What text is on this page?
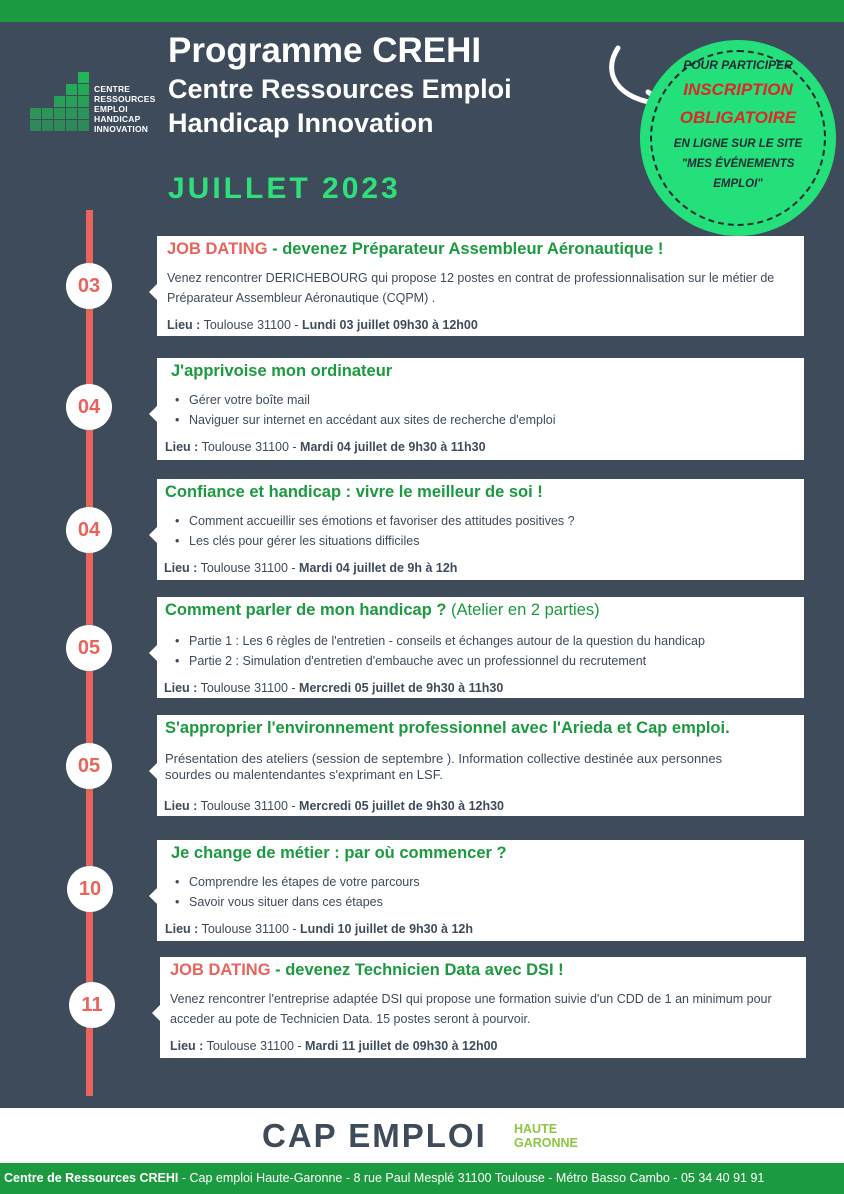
CENTRE
RESSOURCES
EMPLOI
HANDICAP
INNOVATION
Programme CREHI
Centre Ressources Emploi
Handicap Innovation
JUILLET 2023
POUR PARTICIPER
INSCRIPTION
OBLIGATOIRE
EN LIGNE SUR LE SITE
"MES ÉVÉNEMENTS
EMPLOI"
03
JOB DATING - devenez Préparateur Assembleur Aéronautique !
Venez rencontrer DERICHEBOURG qui propose 12 postes en contrat de professionnalisation sur le métier de Préparateur Assembleur Aéronautique (CQPM) .
Lieu : Toulouse 31100 - Lundi 03 juillet 09h30 à 12h00
04
J'apprivoise mon ordinateur
• Gérer votre boîte mail
• Naviguer sur internet en accédant aux sites de recherche d'emploi
Lieu : Toulouse 31100 - Mardi 04 juillet de 9h30 à 11h30
04
Confiance et handicap : vivre le meilleur de soi !
• Comment accueillir ses émotions et favoriser des attitudes positives ?
• Les clés pour gérer les situations difficiles
Lieu : Toulouse 31100 - Mardi 04 juillet de 9h à 12h
05
Comment parler de mon handicap ? (Atelier en 2 parties)
• Partie 1 : Les 6 règles de l'entretien - conseils et échanges autour de la question du handicap
• Partie 2 : Simulation d'entretien d'embauche avec un professionnel du recrutement
Lieu : Toulouse 31100 - Mercredi 05 juillet de 9h30 à 11h30
05
S'approprier l'environnement professionnel avec l'Arieda et Cap emploi.
Présentation des ateliers (session de septembre ). Information collective destinée aux personnes sourdes ou malentendantes s'exprimant en LSF.
Lieu : Toulouse 31100 - Mercredi 05 juillet de 9h30 à 12h30
10
Je change de métier : par où commencer ?
• Comprendre les étapes de votre parcours
• Savoir vous situer dans ces étapes
Lieu : Toulouse 31100 - Lundi 10 juillet de 9h30 à 12h
11
JOB DATING - devenez Technicien Data avec DSI !
Venez rencontrer l'entreprise adaptée DSI qui propose une formation suivie d'un CDD de 1 an minimum pour acceder au pote de Technicien Data. 15 postes seront à pourvoir.
Lieu : Toulouse 31100 - Mardi 11 juillet de 09h30 à 12h00
CAP EMPLOI HAUTE
GARONNE
Centre de Ressources CREHI - Cap emploi Haute-Garonne - 8 rue Paul Mesplé 31100 Toulouse - Métro Basso Cambo - 05 34 40 91 91
